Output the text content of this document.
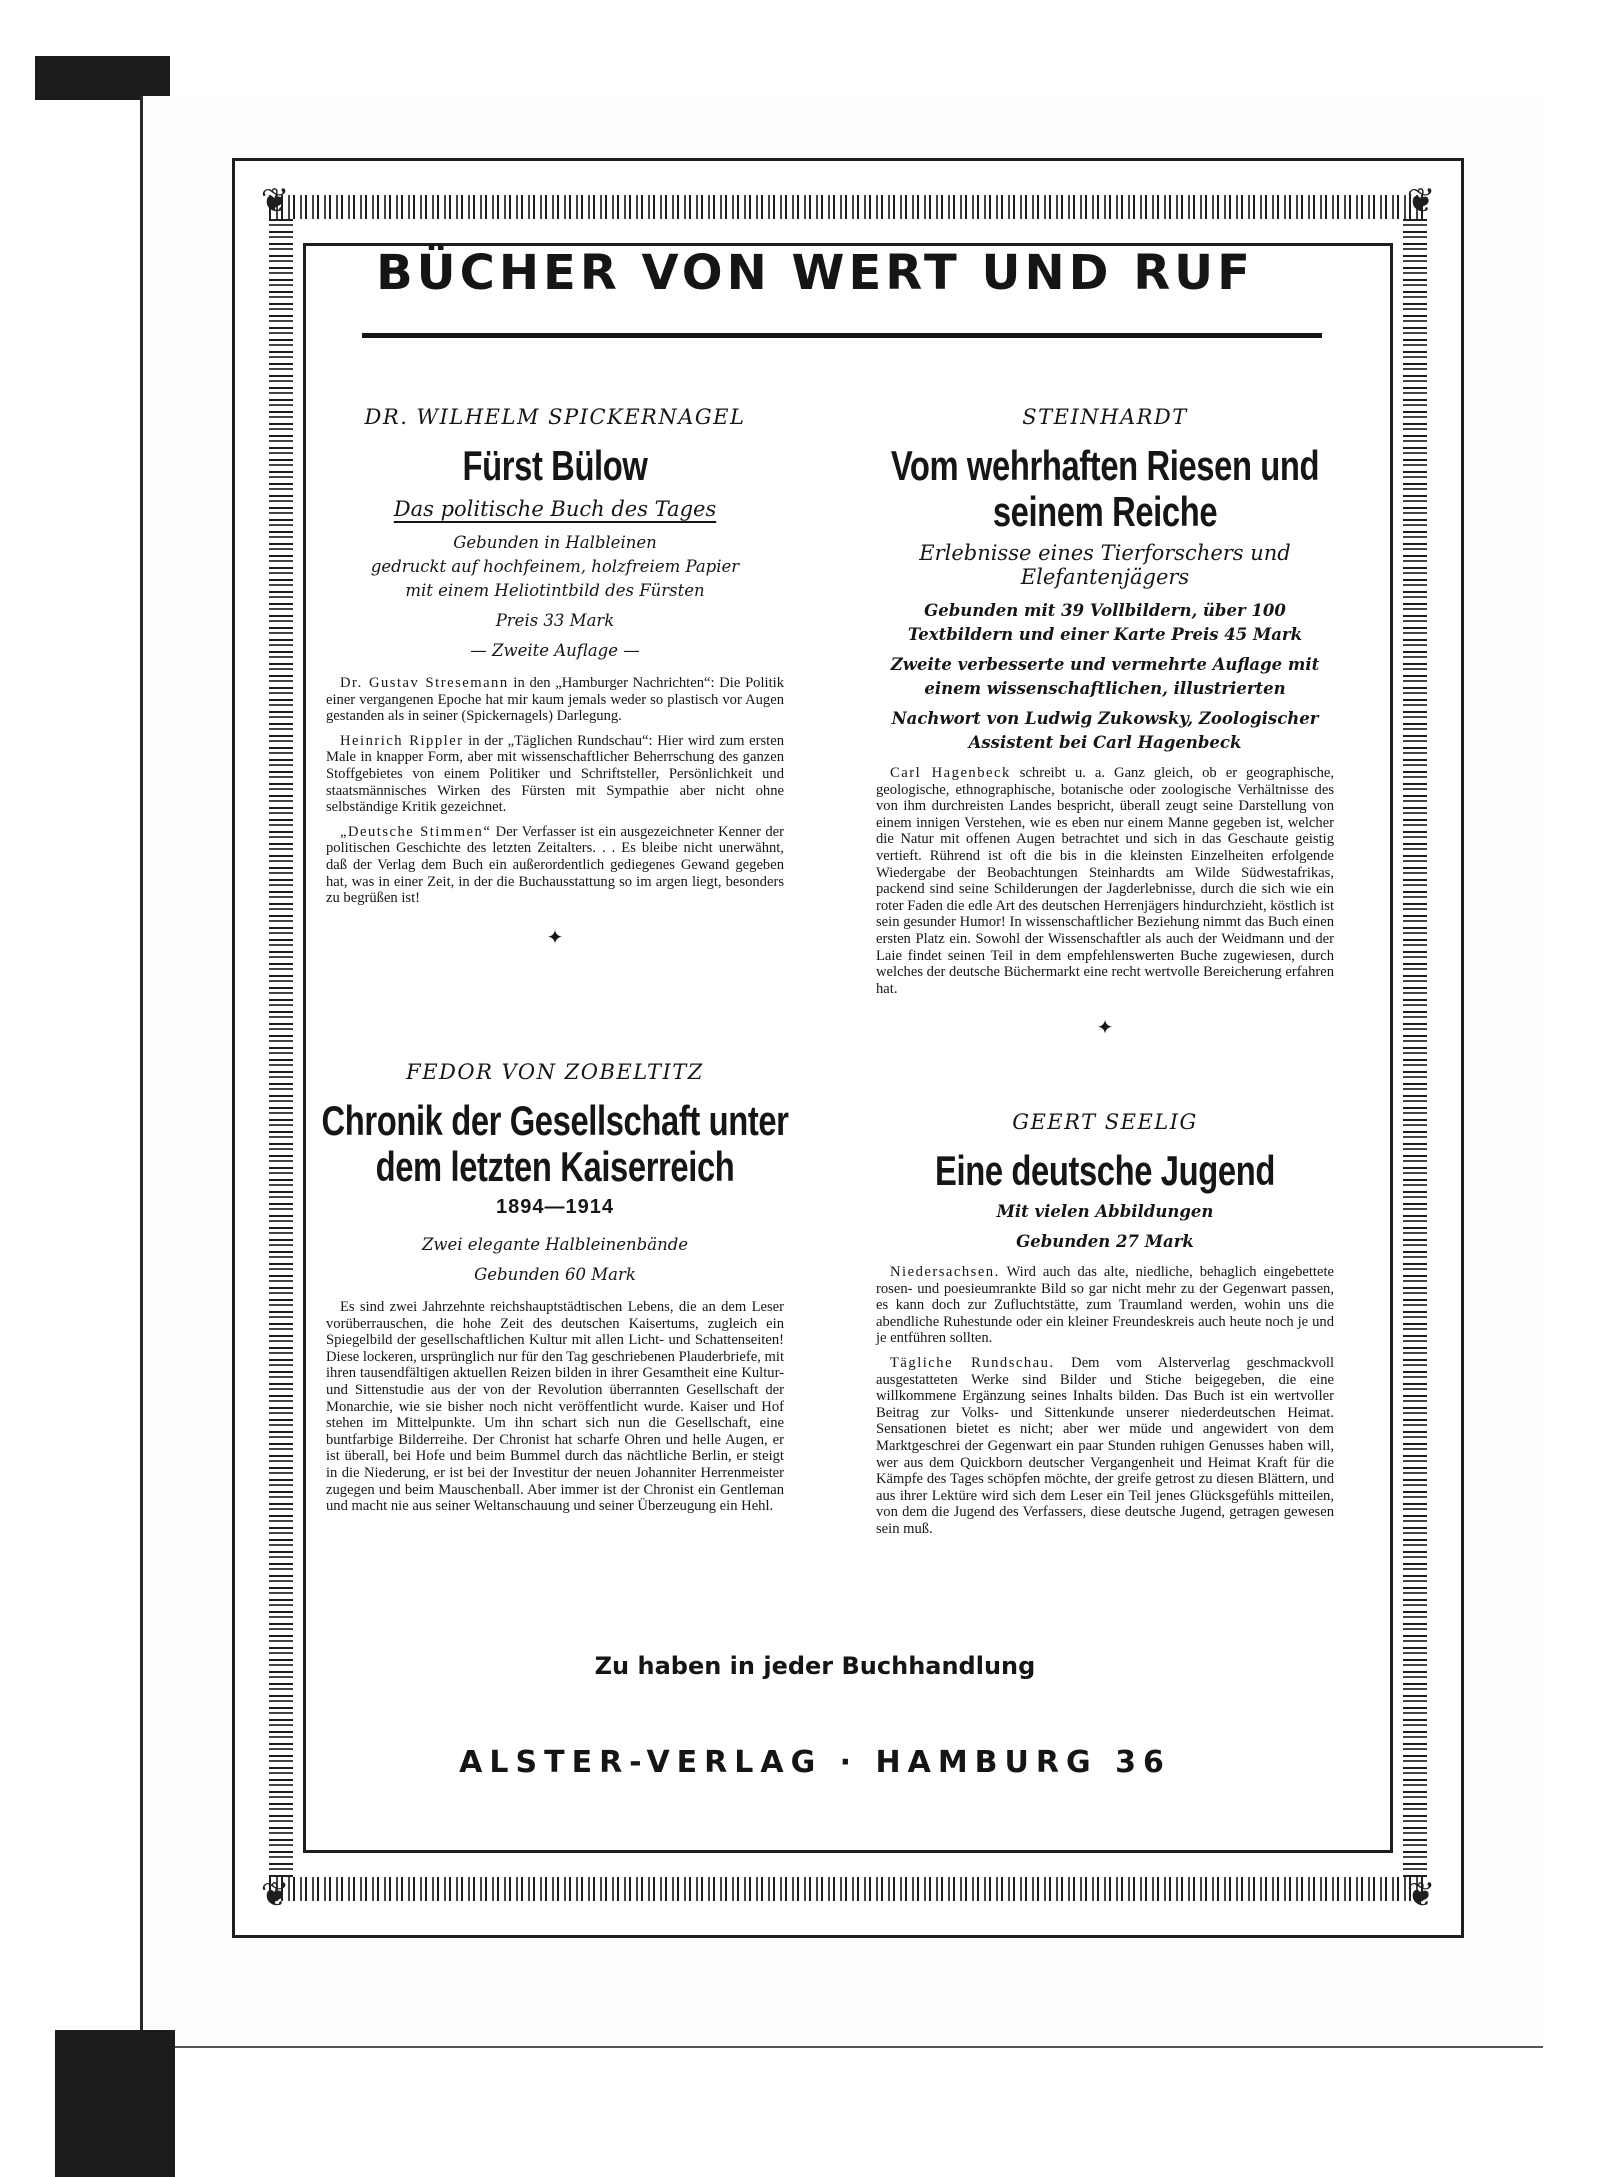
❦	❦
❦	❦
BÜCHER VON WERT UND RUF
DR. WILHELM SPICKERNAGEL
Fürst Bülow
Das politische Buch des Tages
Gebunden in Halbleinen
gedruckt auf hochfeinem, holzfreiem Papier
mit einem Heliotintbild des Fürsten
Preis 33 Mark
— Zweite Auflage —

Dr. Gustav Stresemann in den „Hamburger Nachrichten“: Die Politik einer vergangenen Epoche hat mir kaum jemals weder so plastisch vor Augen gestanden als in seiner (Spickernagels) Darlegung.

Heinrich Rippler in der „Täglichen Rundschau“: Hier wird zum ersten Male in knapper Form, aber mit wissenschaftlicher Beherrschung des ganzen Stoffgebietes von einem Politiker und Schriftsteller, Persönlichkeit und staatsmännisches Wirken des Fürsten mit Sympathie aber nicht ohne selbständige Kritik gezeichnet.

„Deutsche Stimmen“ Der Verfasser ist ein ausgezeichneter Kenner der politischen Geschichte des letzten Zeitalters. . . Es bleibe nicht unerwähnt, daß der Verlag dem Buch ein außerordentlich gediegenes Gewand gegeben hat, was in einer Zeit, in der die Buchausstattung so im argen liegt, besonders zu begrüßen ist!

✦
STEINHARDT
Vom wehrhaften Riesen und seinem Reiche
Erlebnisse eines Tierforschers und Elefantenjägers
Gebunden mit 39 Vollbildern, über 100 Textbildern und einer Karte Preis 45 Mark
Zweite verbesserte und vermehrte Auflage mit einem wissenschaftlichen, illustrierten
Nachwort von Ludwig Zukowsky, Zoologischer Assistent bei Carl Hagenbeck

Carl Hagenbeck schreibt u. a. Ganz gleich, ob er geographische, geologische, ethnographische, botanische oder zoologische Verhältnisse des von ihm durchreisten Landes bespricht, überall zeugt seine Darstellung von einem innigen Verstehen, wie es eben nur einem Manne gegeben ist, welcher die Natur mit offenen Augen betrachtet und sich in das Geschaute geistig vertieft. Rührend ist oft die bis in die kleinsten Einzelheiten erfolgende Wiedergabe der Beobachtungen Steinhardts am Wilde Südwestafrikas, packend sind seine Schilderungen der Jagderlebnisse, durch die sich wie ein roter Faden die edle Art des deutschen Herrenjägers hindurchzieht, köstlich ist sein gesunder Humor! In wissenschaftlicher Beziehung nimmt das Buch einen ersten Platz ein. Sowohl der Wissenschaftler als auch der Weidmann und der Laie findet seinen Teil in dem empfehlenswerten Buche zugewiesen, durch welches der deutsche Büchermarkt eine recht wertvolle Bereicherung erfahren hat.

✦
FEDOR VON ZOBELTITZ
Chronik der Gesellschaft unter dem letzten Kaiserreich
1894—1914
Zwei elegante Halbleinenbände
Gebunden 60 Mark

Es sind zwei Jahrzehnte reichshauptstädtischen Lebens, die an dem Leser vorüberrauschen, die hohe Zeit des deutschen Kaisertums, zugleich ein Spiegelbild der gesellschaftlichen Kultur mit allen Licht- und Schattenseiten! Diese lockeren, ursprünglich nur für den Tag geschriebenen Plauderbriefe, mit ihren tausendfältigen aktuellen Reizen bilden in ihrer Gesamtheit eine Kultur- und Sittenstudie aus der von der Revolution überrannten Gesellschaft der Monarchie, wie sie bisher noch nicht veröffentlicht wurde. Kaiser und Hof stehen im Mittelpunkte. Um ihn schart sich nun die Gesellschaft, eine buntfarbige Bilderreihe. Der Chronist hat scharfe Ohren und helle Augen, er ist überall, bei Hofe und beim Bummel durch das nächtliche Berlin, er steigt in die Niederung, er ist bei der Investitur der neuen Johanniter Herrenmeister zugegen und beim Mauschenball. Aber immer ist der Chronist ein Gentleman und macht nie aus seiner Weltanschauung und seiner Überzeugung ein Hehl.

GEERT SEELIG
Eine deutsche Jugend
Mit vielen Abbildungen
Gebunden 27 Mark

Niedersachsen. Wird auch das alte, niedliche, behaglich eingebettete rosen- und poesieumrankte Bild so gar nicht mehr zu der Gegenwart passen, es kann doch zur Zufluchtstätte, zum Traumland werden, wohin uns die abendliche Ruhestunde oder ein kleiner Freundeskreis auch heute noch je und je entführen sollten.

Tägliche Rundschau. Dem vom Alsterverlag geschmackvoll ausgestatteten Werke sind Bilder und Stiche beigegeben, die eine willkommene Ergänzung seines Inhalts bilden. Das Buch ist ein wertvoller Beitrag zur Volks- und Sittenkunde unserer niederdeutschen Heimat. Sensationen bietet es nicht; aber wer müde und angewidert von dem Marktgeschrei der Gegenwart ein paar Stunden ruhigen Genusses haben will, wer aus dem Quickborn deutscher Vergangenheit und Heimat Kraft für die Kämpfe des Tages schöpfen möchte, der greife getrost zu diesen Blättern, und aus ihrer Lektüre wird sich dem Leser ein Teil jenes Glücksgefühls mitteilen, von dem die Jugend des Verfassers, diese deutsche Jugend, getragen gewesen sein muß.

Zu haben in jeder Buchhandlung
ALSTER-VERLAG · HAMBURG 36
